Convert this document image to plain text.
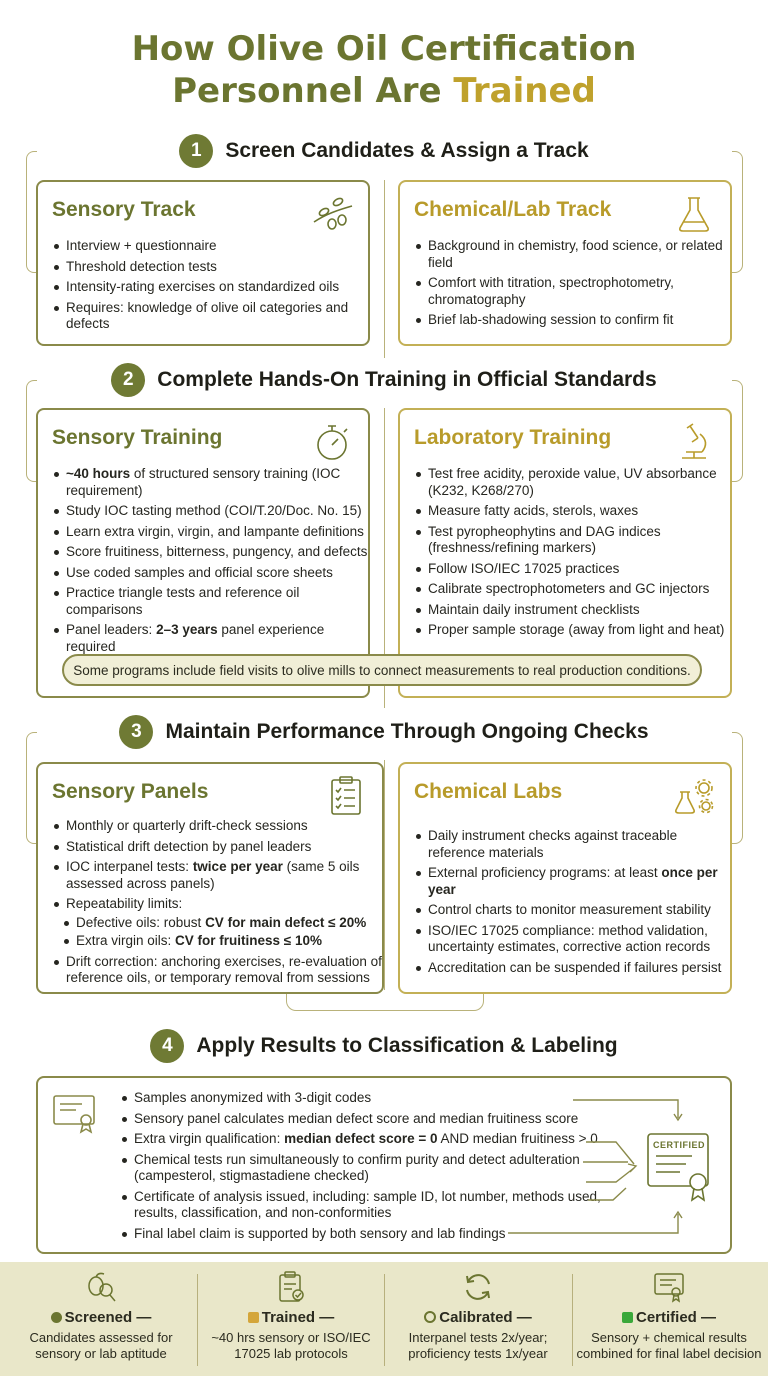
How Olive Oil Certification
Personnel Are Trained
1	Screen Candidates & Assign a Track
Sensory Track
Interview + questionnaire
Threshold detection tests
Intensity-rating exercises on standardized oils
Requires: knowledge of olive oil categories and defects
Chemical/Lab Track
Background in chemistry, food science, or related field
Comfort with titration, spectrophotometry, chromatography
Brief lab-shadowing session to confirm fit
2	Complete Hands-On Training in Official Standards
Sensory Training
~40 hours of structured sensory training (IOC requirement)
Study IOC tasting method (COI/T.20/Doc. No. 15)
Learn extra virgin, virgin, and lampante definitions
Score fruitiness, bitterness, pungency, and defects
Use coded samples and official score sheets
Practice triangle tests and reference oil comparisons
Panel leaders: 2–3 years panel experience required
Laboratory Training
Test free acidity, peroxide value, UV absorbance (K232, K268/270)
Measure fatty acids, sterols, waxes
Test pyropheophytins and DAG indices (freshness/refining markers)
Follow ISO/IEC 17025 practices
Calibrate spectrophotometers and GC injectors
Maintain daily instrument checklists
Proper sample storage (away from light and heat)
Some programs include field visits to olive mills to connect measurements to real production conditions.
3	Maintain Performance Through Ongoing Checks
Sensory Panels
Monthly or quarterly drift-check sessions
Statistical drift detection by panel leaders
IOC interpanel tests: twice per year (same 5 oils assessed across panels)
Repeatability limits:
Defective oils: robust CV for main defect ≤ 20%
Extra virgin oils: CV for fruitiness ≤ 10%
Drift correction: anchoring exercises, re-evaluation of reference oils, or temporary removal from sessions
Chemical Labs
Daily instrument checks against traceable reference materials
External proficiency programs: at least once per year
Control charts to monitor measurement stability
ISO/IEC 17025 compliance: method validation, uncertainty estimates, corrective action records
Accreditation can be suspended if failures persist
4	Apply Results to Classification & Labeling
Samples anonymized with 3-digit codes
Sensory panel calculates median defect score and median fruitiness score
Extra virgin qualification: median defect score = 0 AND median fruitiness > 0
Chemical tests run simultaneously to confirm purity and detect adulteration (campesterol, stigmastadiene checked)
Certificate of analysis issued, including: sample ID, lot number, methods used, results, classification, and non-conformities
Final label claim is supported by both sensory and lab findings
CERTIFIED
Screened —
Candidates assessed for sensory or lab aptitude
Trained —
~40 hrs sensory or ISO/IEC 17025 lab protocols
Calibrated —
Interpanel tests 2x/year; proficiency tests 1x/year
Certified —
Sensory + chemical results combined for final label decision
